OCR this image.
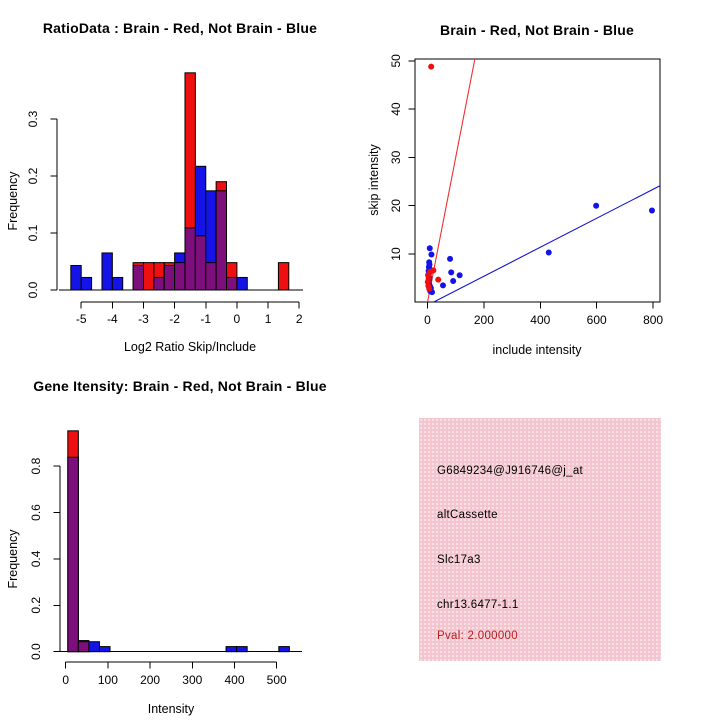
RatioData : Brain - Red, Not Brain - Blue
Log2 Ratio Skip/Include
Frequency
-5 -4 -3 -2 -1 0 1 2
0.0
0.1
0.2
0.3
Brain - Red, Not Brain - Blue
include intensity
skip intensity
0	200	400	600	800
10
20
30
40
50
Gene Itensity: Brain - Red, Not Brain - Blue
Intensity
Frequency
0 100 200 300 400 500
0.0
0.2
0.4
0.6
0.8	G6849234@J916746@j_at
altCassette
Slc17a3
chr13.6477-1.1
Pval: 2.000000
